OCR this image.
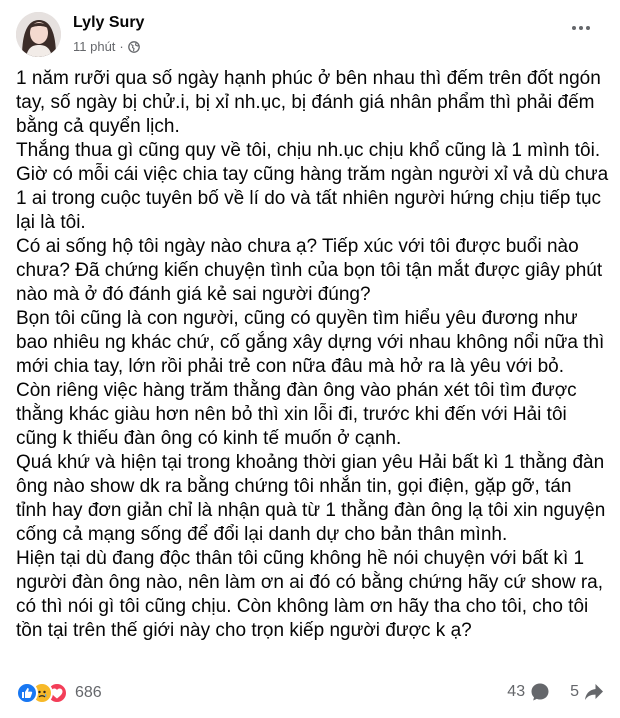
Lyly Sury
11 phút ·

1 năm rưỡi qua số ngày hạnh phúc ở bên nhau thì đếm trên đốt ngón

tay, số ngày bị chử.i, bị xỉ nh.ục, bị đánh giá nhân phẩm thì phải đếm

bằng cả quyển lịch.

Thắng thua gì cũng quy về tôi, chịu nh.ục chịu khổ cũng là 1 mình tôi.

Giờ có mỗi cái việc chia tay cũng hàng trăm ngàn người xỉ vả dù chưa

1 ai trong cuộc tuyên bố về lí do và tất nhiên người hứng chịu tiếp tục

lại là tôi.

Có ai sống hộ tôi ngày nào chưa ạ? Tiếp xúc với tôi được buổi nào

chưa? Đã chứng kiến chuyện tình của bọn tôi tận mắt được giây phút

nào mà ở đó đánh giá kẻ sai người đúng?

Bọn tôi cũng là con người, cũng có quyền tìm hiểu yêu đương như

bao nhiêu ng khác chứ, cố gắng xây dựng với nhau không nổi nữa thì

mới chia tay, lớn rồi phải trẻ con nữa đâu mà hở ra là yêu với bỏ.

Còn riêng việc hàng trăm thằng đàn ông vào phán xét tôi tìm được

thằng khác giàu hơn nên bỏ thì xin lỗi đi, trước khi đến với Hải tôi

cũng k thiếu đàn ông có kinh tế muốn ở cạnh.

Quá khứ và hiện tại trong khoảng thời gian yêu Hải bất kì 1 thằng đàn

ông nào show dk ra bằng chứng tôi nhắn tin, gọi điện, gặp gỡ, tán

tỉnh hay đơn giản chỉ là nhận quà từ 1 thằng đàn ông lạ tôi xin nguyện

cống cả mạng sống để đổi lại danh dự cho bản thân mình.

Hiện tại dù đang độc thân tôi cũng không hề nói chuyện với bất kì 1

người đàn ông nào, nên làm ơn ai đó có bằng chứng hãy cứ show ra,

có thì nói gì tôi cũng chịu. Còn không làm ơn hãy tha cho tôi, cho tôi

tồn tại trên thế giới này cho trọn kiếp người được k ạ?

686	43	5
